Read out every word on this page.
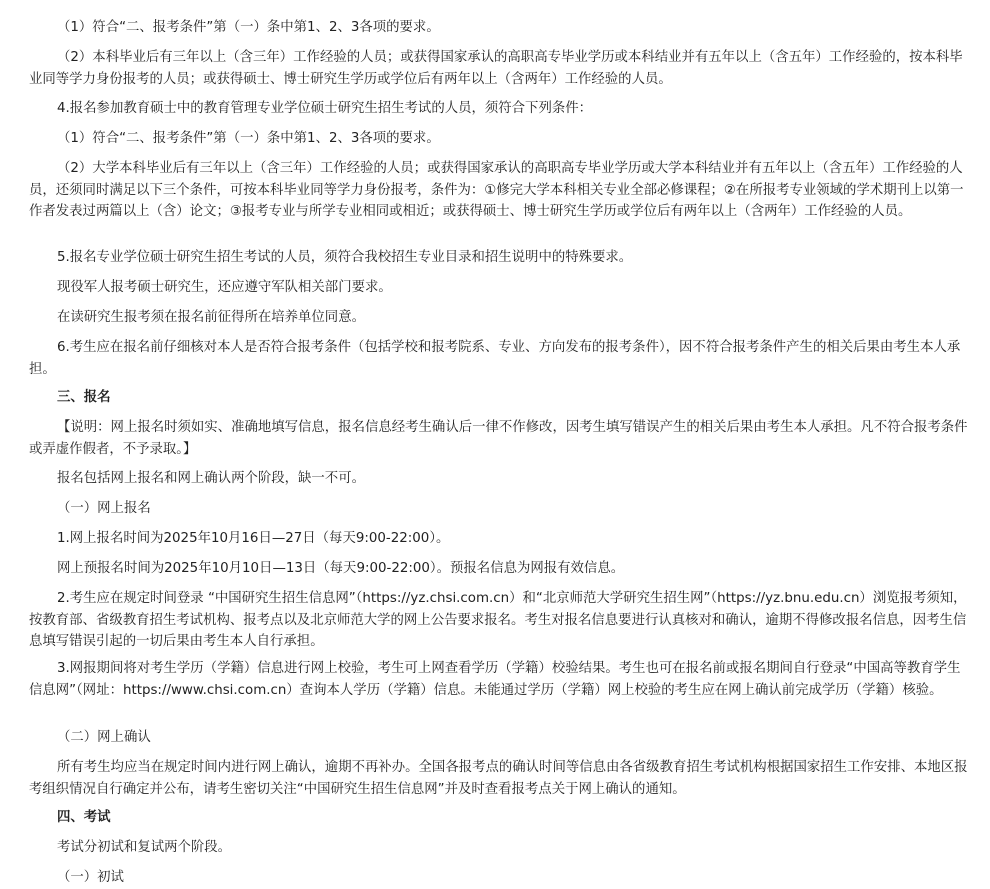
（1）符合“二、报考条件”第（一）条中第1、2、3各项的要求。

（2）本科毕业后有三年以上（含三年）工作经验的人员；或获得国家承认的高职高专毕业学历或本科结业并有五年以上（含五年）工作经验的，按本科毕业同等学力身份报考的人员；或获得硕士、博士研究生学历或学位后有两年以上（含两年）工作经验的人员。

4.报名参加教育硕士中的教育管理专业学位硕士研究生招生考试的人员，须符合下列条件：

（1）符合“二、报考条件”第（一）条中第1、2、3各项的要求。

（2）大学本科毕业后有三年以上（含三年）工作经验的人员；或获得国家承认的高职高专毕业学历或大学本科结业并有五年以上（含五年）工作经验的人员，还须同时满足以下三个条件，可按本科毕业同等学力身份报考，条件为：①修完大学本科相关专业全部必修课程；②在所报考专业领域的学术期刊上以第一作者发表过两篇以上（含）论文；③报考专业与所学专业相同或相近；或获得硕士、博士研究生学历或学位后有两年以上（含两年）工作经验的人员。

5.报名专业学位硕士研究生招生考试的人员，须符合我校招生专业目录和招生说明中的特殊要求。

现役军人报考硕士研究生，还应遵守军队相关部门要求。

在读研究生报考须在报名前征得所在培养单位同意。

6.考生应在报名前仔细核对本人是否符合报考条件（包括学校和报考院系、专业、方向发布的报考条件），因不符合报考条件产生的相关后果由考生本人承担。

三、报名

【说明：网上报名时须如实、准确地填写信息，报名信息经考生确认后一律不作修改，因考生填写错误产生的相关后果由考生本人承担。凡不符合报考条件或弄虚作假者，不予录取。】

报名包括网上报名和网上确认两个阶段，缺一不可。

（一）网上报名

1.网上报名时间为2025年10月16日—27日（每天9:00-22:00）。

网上预报名时间为2025年10月10日—13日（每天9:00-22:00）。预报名信息为网报有效信息。

2.考生应在规定时间登录 “中国研究生招生信息网”（https://yz.chsi.com.cn）和“北京师范大学研究生招生网”（https://yz.bnu.edu.cn）浏览报考须知，按教育部、省级教育招生考试机构、报考点以及北京师范大学的网上公告要求报名。考生对报名信息要进行认真核对和确认，逾期不得修改报名信息，因考生信息填写错误引起的一切后果由考生本人自行承担。

3.网报期间将对考生学历（学籍）信息进行网上校验，考生可上网查看学历（学籍）校验结果。考生也可在报名前或报名期间自行登录“中国高等教育学生信息网”（网址：https://www.chsi.com.cn）查询本人学历（学籍）信息。未能通过学历（学籍）网上校验的考生应在网上确认前完成学历（学籍）核验。

（二）网上确认

所有考生均应当在规定时间内进行网上确认，逾期不再补办。全国各报考点的确认时间等信息由各省级教育招生考试机构根据国家招生工作安排、本地区报考组织情况自行确定并公布，请考生密切关注“中国研究生招生信息网”并及时查看报考点关于网上确认的通知。

四、考试

考试分初试和复试两个阶段。

（一）初试
